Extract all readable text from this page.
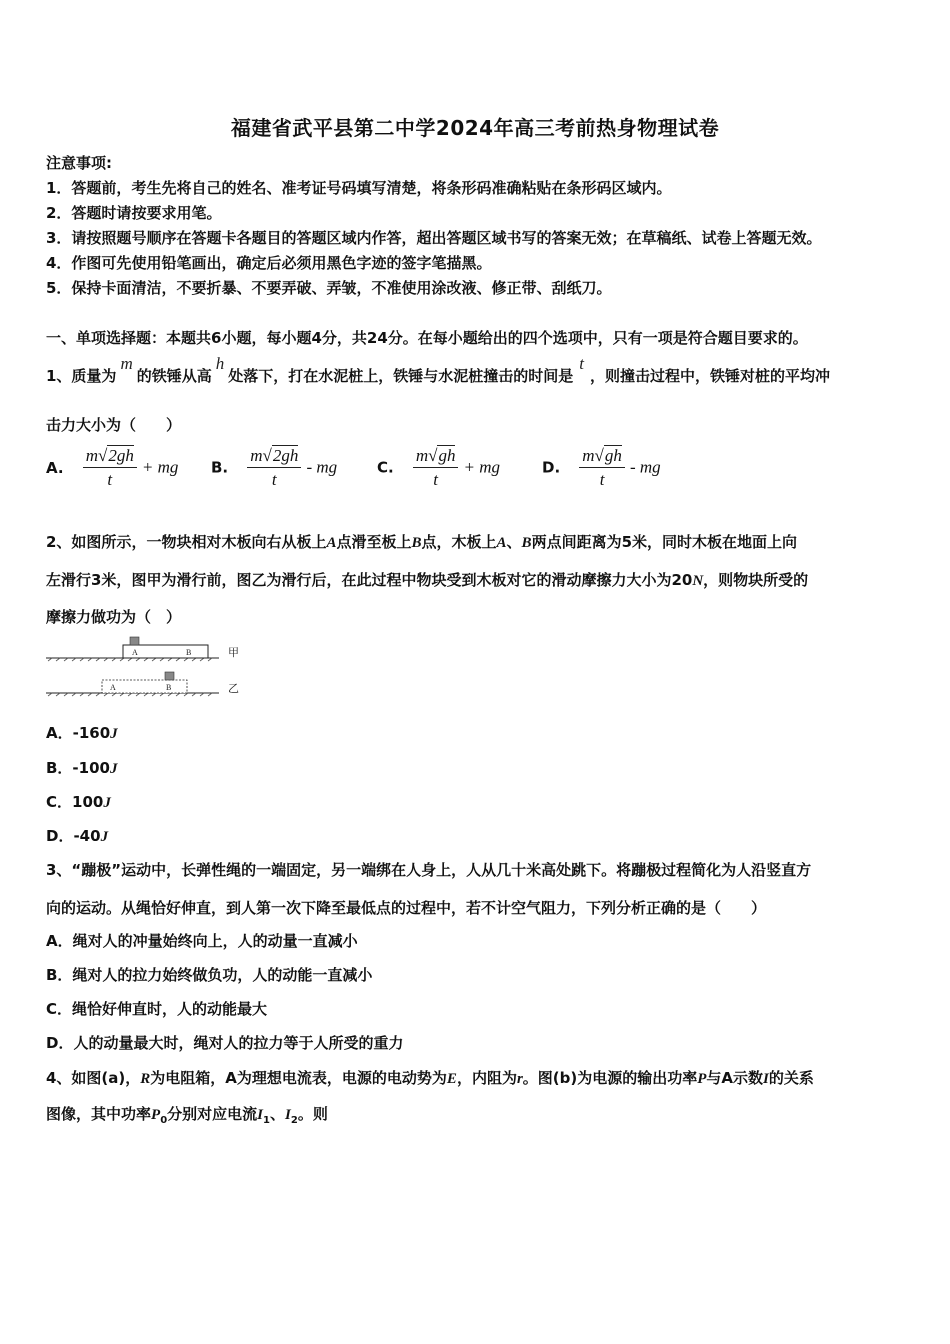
福建省武平县第二中学2024年高三考前热身物理试卷
注意事项:
1．答题前，考生先将自己的姓名、准考证号码填写清楚，将条形码准确粘贴在条形码区域内。
2．答题时请按要求用笔。
3．请按照题号顺序在答题卡各题目的答题区域内作答，超出答题区域书写的答案无效；在草稿纸、试卷上答题无效。
4．作图可先使用铅笔画出，确定后必须用黑色字迹的签字笔描黑。
5．保持卡面清洁，不要折暴、不要弄破、弄皱，不准使用涂改液、修正带、刮纸刀。
一、单项选择题：本题共6小题，每小题4分，共24分。在每小题给出的四个选项中，只有一项是符合题目要求的。
1、质量为m的铁锤从高h处落下，打在水泥桩上，铁锤与水泥桩撞击的时间是t，则撞击过程中，铁锤对桩的平均冲
击力大小为（　　）
A. $\frac{m√2gh}{t}$ + mg B. $\frac{m√2gh}{t}$ - mg	C. $\frac{m√gh}{t}$ + mg	D. $\frac{m√gh}{t}$ - mg
2、如图所示，一物块相对木板向右从板上A点滑至板上B点，木板上A、B两点间距离为5米，同时木板在地面上向
左滑行3米，图甲为滑行前，图乙为滑行后，在此过程中物块受到木板对它的滑动摩擦力大小为20N，则物块所受的
摩擦力做功为（　）
A	B	甲
A	B	乙
A．-160J
B．-100J
C．100J
D．-40J
3、“蹦极”运动中，长弹性绳的一端固定，另一端绑在人身上，人从几十米高处跳下。将蹦极过程简化为人沿竖直方
向的运动。从绳恰好伸直，到人第一次下降至最低点的过程中，若不计空气阻力，下列分析正确的是（　　）
A．绳对人的冲量始终向上，人的动量一直减小
B．绳对人的拉力始终做负功，人的动能一直减小
C．绳恰好伸直时，人的动能最大
D．人的动量最大时，绳对人的拉力等于人所受的重力
4、如图(a)，R为电阻箱，A为理想电流表，电源的电动势为E，内阻为r。图(b)为电源的输出功率P与A示数I的关系
图像，其中功率$P_0$分别对应电流$I_1$、$I_2$。则
